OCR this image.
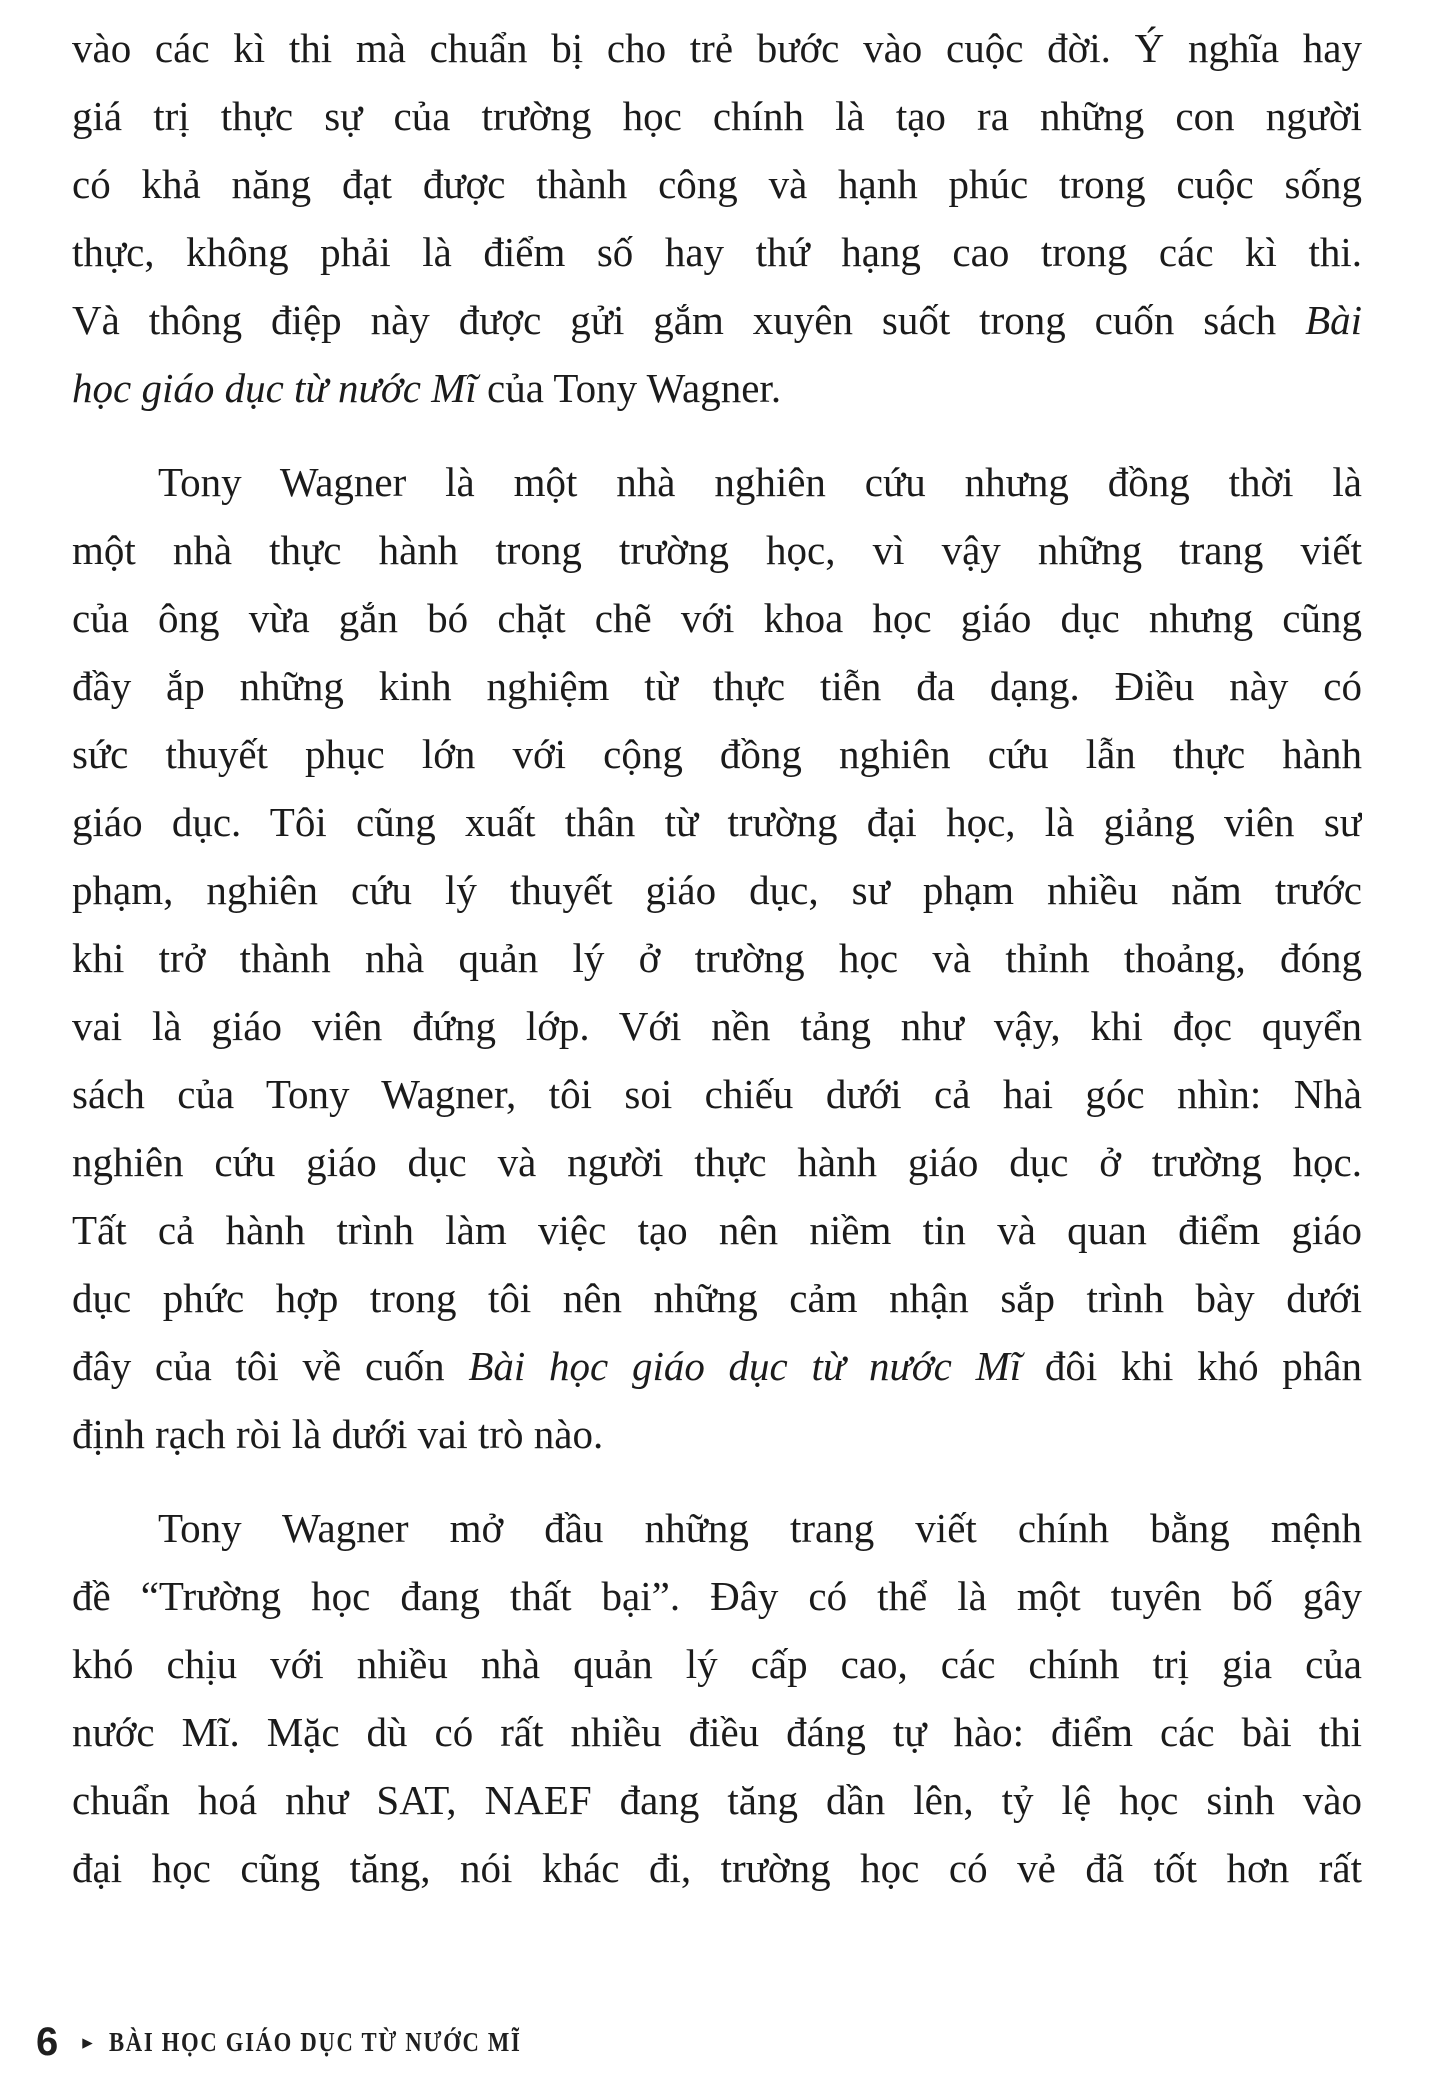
vào các kì thi mà chuẩn bị cho trẻ bước vào cuộc đời. Ý nghĩa hay
giá trị thực sự của trường học chính là tạo ra những con người
có khả năng đạt được thành công và hạnh phúc trong cuộc sống
thực, không phải là điểm số hay thứ hạng cao trong các kì thi.
Và thông điệp này được gửi gắm xuyên suốt trong cuốn sách Bài
học giáo dục từ nước Mĩ của Tony Wagner.
Tony Wagner là một nhà nghiên cứu nhưng đồng thời là
một nhà thực hành trong trường học, vì vậy những trang viết
của ông vừa gắn bó chặt chẽ với khoa học giáo dục nhưng cũng
đầy ắp những kinh nghiệm từ thực tiễn đa dạng. Điều này có
sức thuyết phục lớn với cộng đồng nghiên cứu lẫn thực hành
giáo dục. Tôi cũng xuất thân từ trường đại học, là giảng viên sư
phạm, nghiên cứu lý thuyết giáo dục, sư phạm nhiều năm trước
khi trở thành nhà quản lý ở trường học và thỉnh thoảng, đóng
vai là giáo viên đứng lớp. Với nền tảng như vậy, khi đọc quyển
sách của Tony Wagner, tôi soi chiếu dưới cả hai góc nhìn: Nhà
nghiên cứu giáo dục và người thực hành giáo dục ở trường học.
Tất cả hành trình làm việc tạo nên niềm tin và quan điểm giáo
dục phức hợp trong tôi nên những cảm nhận sắp trình bày dưới
đây của tôi về cuốn Bài học giáo dục từ nước Mĩ đôi khi khó phân
định rạch ròi là dưới vai trò nào.
Tony Wagner mở đầu những trang viết chính bằng mệnh
đề “Trường học đang thất bại”. Đây có thể là một tuyên bố gây
khó chịu với nhiều nhà quản lý cấp cao, các chính trị gia của
nước Mĩ. Mặc dù có rất nhiều điều đáng tự hào: điểm các bài thi
chuẩn hoá như SAT, NAEF đang tăng dần lên, tỷ lệ học sinh vào
đại học cũng tăng, nói khác đi, trường học có vẻ đã tốt hơn rất
6 ▸ BÀI HỌC GIÁO DỤC TỪ NƯỚC MĨ
